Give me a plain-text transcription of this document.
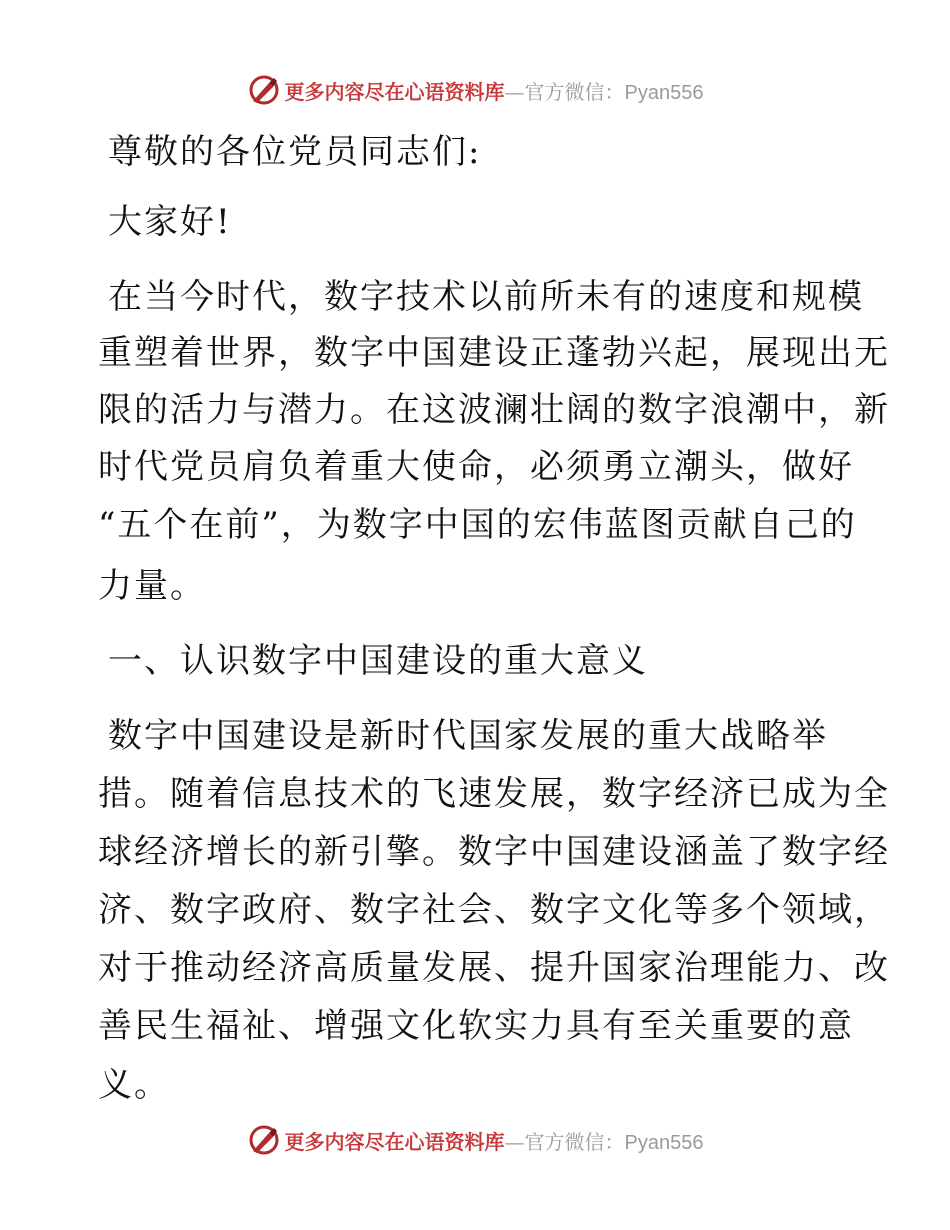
更多内容尽在心语资料库—官方微信：Pyan556
尊敬的各位党员同志们:
大家好!
在当今时代，数字技术以前所未有的速度和规模
重塑着世界，数字中国建设正蓬勃兴起，展现出无
限的活力与潜力。在这波澜壮阔的数字浪潮中，新
时代党员肩负着重大使命，必须勇立潮头，做好
“五个在前”，为数字中国的宏伟蓝图贡献自己的
力量。
一、认识数字中国建设的重大意义
数字中国建设是新时代国家发展的重大战略举
措。随着信息技术的飞速发展，数字经济已成为全
球经济增长的新引擎。数字中国建设涵盖了数字经
济、数字政府、数字社会、数字文化等多个领域，
对于推动经济高质量发展、提升国家治理能力、改
善民生福祉、增强文化软实力具有至关重要的意
义。
更多内容尽在心语资料库—官方微信：Pyan556
